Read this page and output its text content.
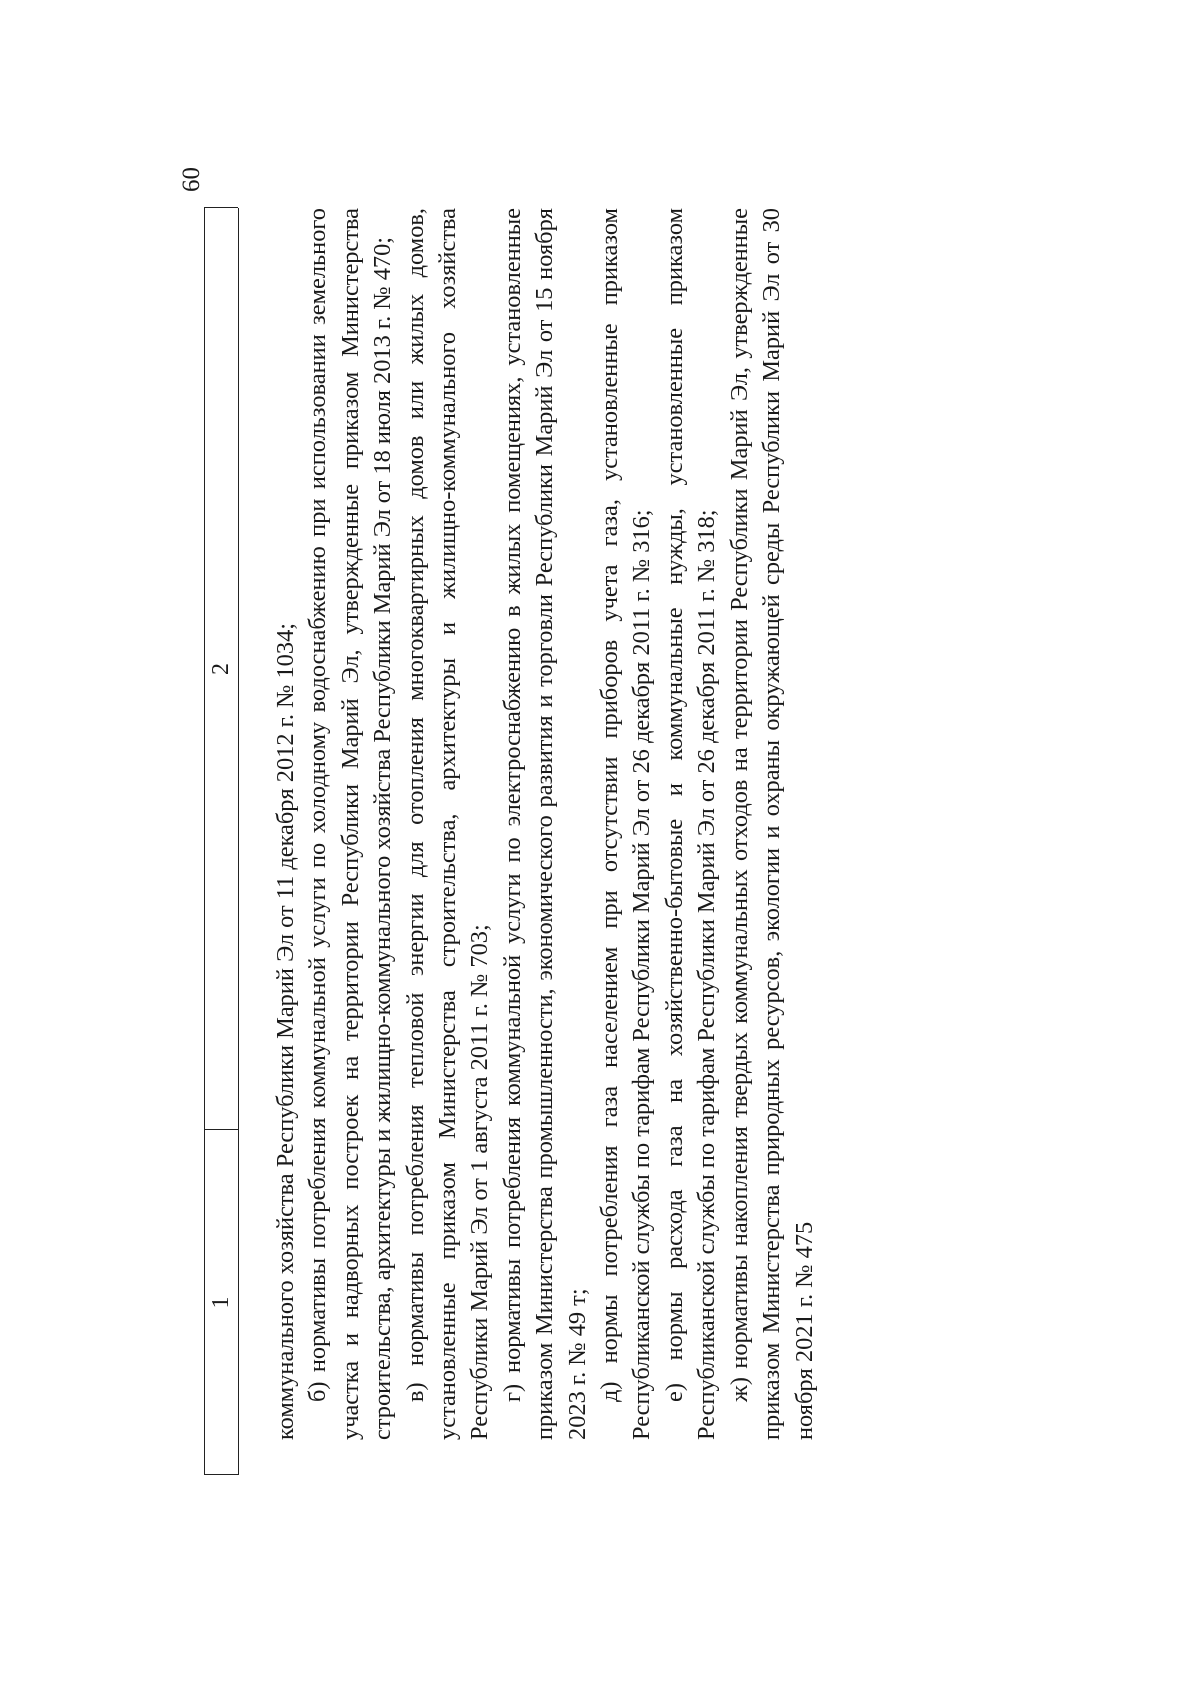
60
1
2 коммунального хозяйства Республики Марий Эл от 11 декабря 2012 г. № 1034; б) нормативы потребления коммунальной услуги по холодному водоснабжению при использовании земельного участка и надворных построек на территории Республики Марий Эл, утвержденные приказом Министерства строительства, архитектуры и жилищно-коммунального хозяйства Республики Марий Эл от 18 июля 2013 г. № 470; в) нормативы потребления тепловой энергии для отопления многоквартирных домов или жилых домов, установленные приказом Министерства строительства, архитектуры и жилищно-коммунального хозяйства Республики Марий Эл от 1 августа 2011 г. № 703; г) нормативы потребления коммунальной услуги по электроснабжению в жилых помещениях, установленные приказом Министерства промышленности, экономического развития и торговли Республики Марий Эл от 15 ноября 2023 г. № 49 т; д) нормы потребления газа населением при отсутствии приборов учета газа, установленные приказом Республиканской службы по тарифам Республики Марий Эл от 26 декабря 2011 г. № 316; е) нормы расхода газа на хозяйственно-бытовые и коммунальные нужды, установленные приказом Республиканской службы по тарифам Республики Марий Эл от 26 декабря 2011 г. № 318; ж) нормативы накопления твердых коммунальных отходов на территории Республики Марий Эл, утвержденные приказом Министерства природных ресурсов, экологии и охраны окружающей среды Республики Марий Эл от 30 ноября 2021 г. № 475
